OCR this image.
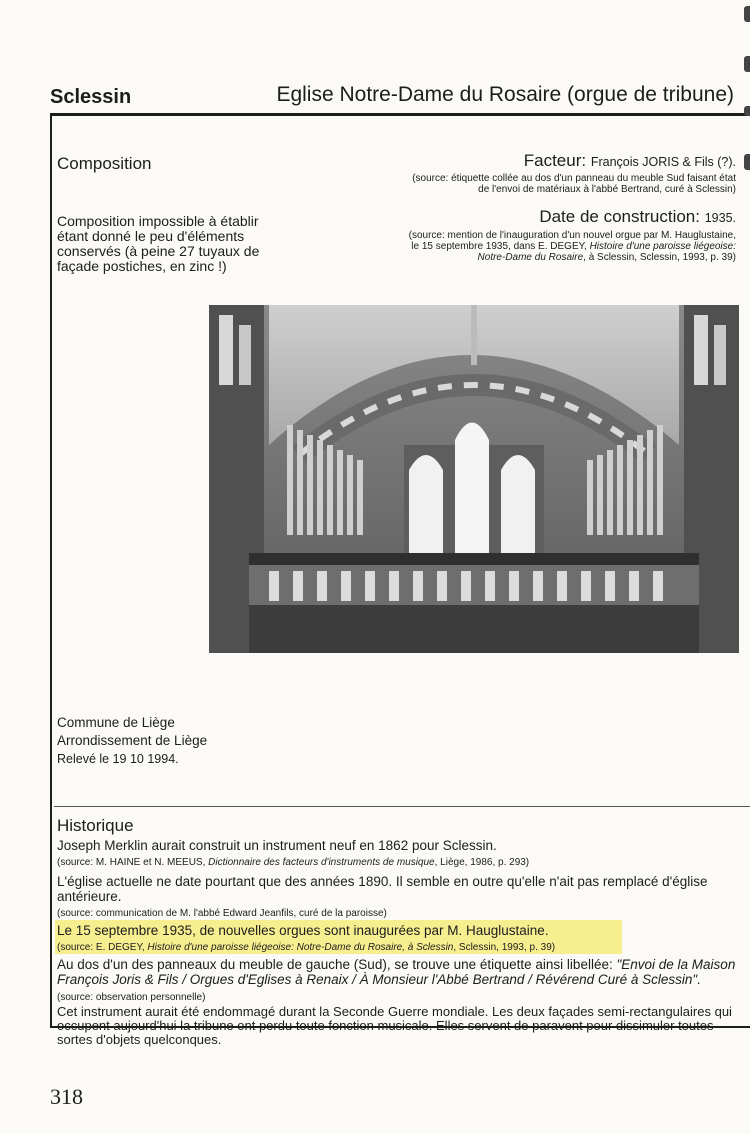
Sclessin	Eglise Notre-Dame du Rosaire (orgue de tribune)
Composition
Composition impossible à établir étant donné le peu d'éléments conservés (à peine 27 tuyaux de façade postiches, en zinc !)
Facteur: François JORIS & Fils (?).
(source: étiquette collée au dos d'un panneau du meuble Sud faisant état
de l'envoi de matériaux à l'abbé Bertrand, curé à Sclessin)
Date de construction: 1935.
(source: mention de l'inauguration d'un nouvel orgue par M. Hauglustaine,
le 15 septembre 1935, dans E. DEGEY, Histoire d'une paroisse liégeoise:
Notre-Dame du Rosaire, à Sclessin, Sclessin, 1993, p. 39)
Commune de Liège
Arrondissement de Liège
Relevé le 19 10 1994.
Historique
Joseph Merklin aurait construit un instrument neuf en 1862 pour Sclessin.
(source: M. HAINE et N. MEEUS, Dictionnaire des facteurs d'instruments de musique, Liège, 1986, p. 293)
L'église actuelle ne date pourtant que des années 1890. Il semble en outre qu'elle n'ait pas remplacé d'église antérieure.
(source: communication de M. l'abbé Edward Jeanfils, curé de la paroisse)
Le 15 septembre 1935, de nouvelles orgues sont inaugurées par M. Hauglustaine.
(source: E. DEGEY, Histoire d'une paroisse liégeoise: Notre-Dame du Rosaire, à Sclessin, Sclessin, 1993, p. 39)
Au dos d'un des panneaux du meuble de gauche (Sud), se trouve une étiquette ainsi libellée: "Envoi de la Maison François Joris & Fils / Orgues d'Eglises à Renaix / À Monsieur l'Abbé Bertrand / Révérend Curé à Sclessin".
(source: observation personnelle)
Cet instrument aurait été endommagé durant la Seconde Guerre mondiale. Les deux façades semi-rectangulaires qui sortes d'objets quelconques.
318
